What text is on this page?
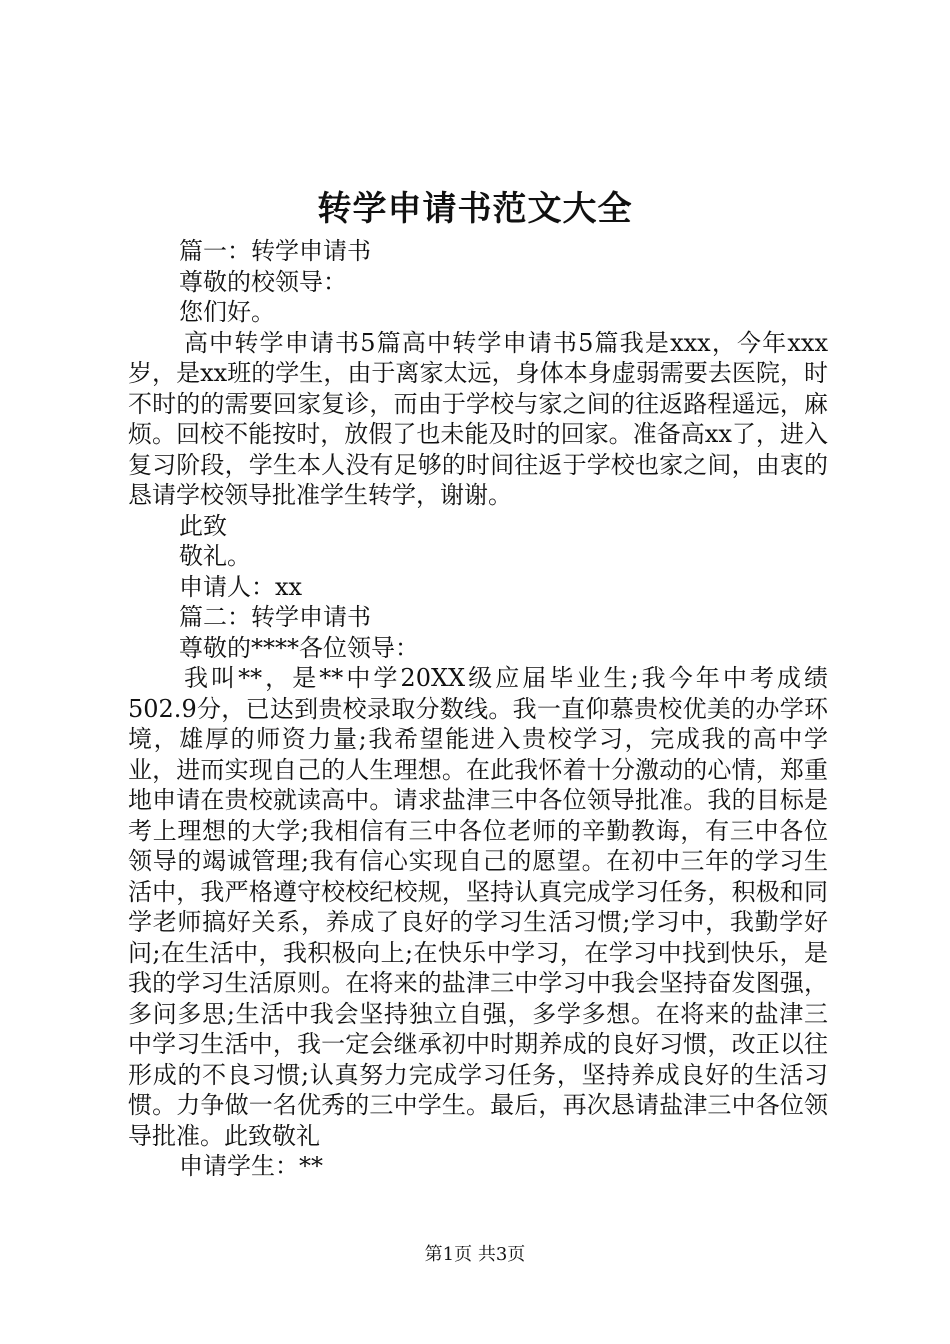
转学申请书范文大全

篇一：转学申请书

尊敬的校领导：

您们好。

高中转学申请书5篇高中转学申请书5篇我是xxx，今年xxx岁，是xx班的学生，由于离家太远，身体本身虚弱需要去医院，时不时的的需要回家复诊，而由于学校与家之间的往返路程遥远，麻烦。回校不能按时，放假了也未能及时的回家。准备高xx了，进入复习阶段，学生本人没有足够的时间往返于学校也家之间，由衷的恳请学校领导批准学生转学，谢谢。

此致

敬礼。

申请人：xx

篇二：转学申请书

尊敬的****各位领导：

我叫**，是**中学20XX级应届毕业生;我今年中考成绩502.9分，已达到贵校录取分数线。我一直仰慕贵校优美的办学环境，雄厚的师资力量;我希望能进入贵校学习，完成我的高中学业，进而实现自己的人生理想。在此我怀着十分激动的心情，郑重地申请在贵校就读高中。请求盐津三中各位领导批准。我的目标是考上理想的大学;我相信有三中各位老师的辛勤教诲，有三中各位领导的竭诚管理;我有信心实现自己的愿望。在初中三年的学习生活中，我严格遵守校校纪校规，坚持认真完成学习任务，积极和同学老师搞好关系，养成了良好的学习生活习惯;学习中，我勤学好问;在生活中，我积极向上;在快乐中学习，在学习中找到快乐，是我的学习生活原则。在将来的盐津三中学习中我会坚持奋发图强，多问多思;生活中我会坚持独立自强，多学多想。在将来的盐津三中学习生活中，我一定会继承初中时期养成的良好习惯，改正以往形成的不良习惯;认真努力完成学习任务，坚持养成良好的生活习惯。力争做一名优秀的三中学生。最后，再次恳请盐津三中各位领导批准。此致敬礼

申请学生：**

第1页 共3页
